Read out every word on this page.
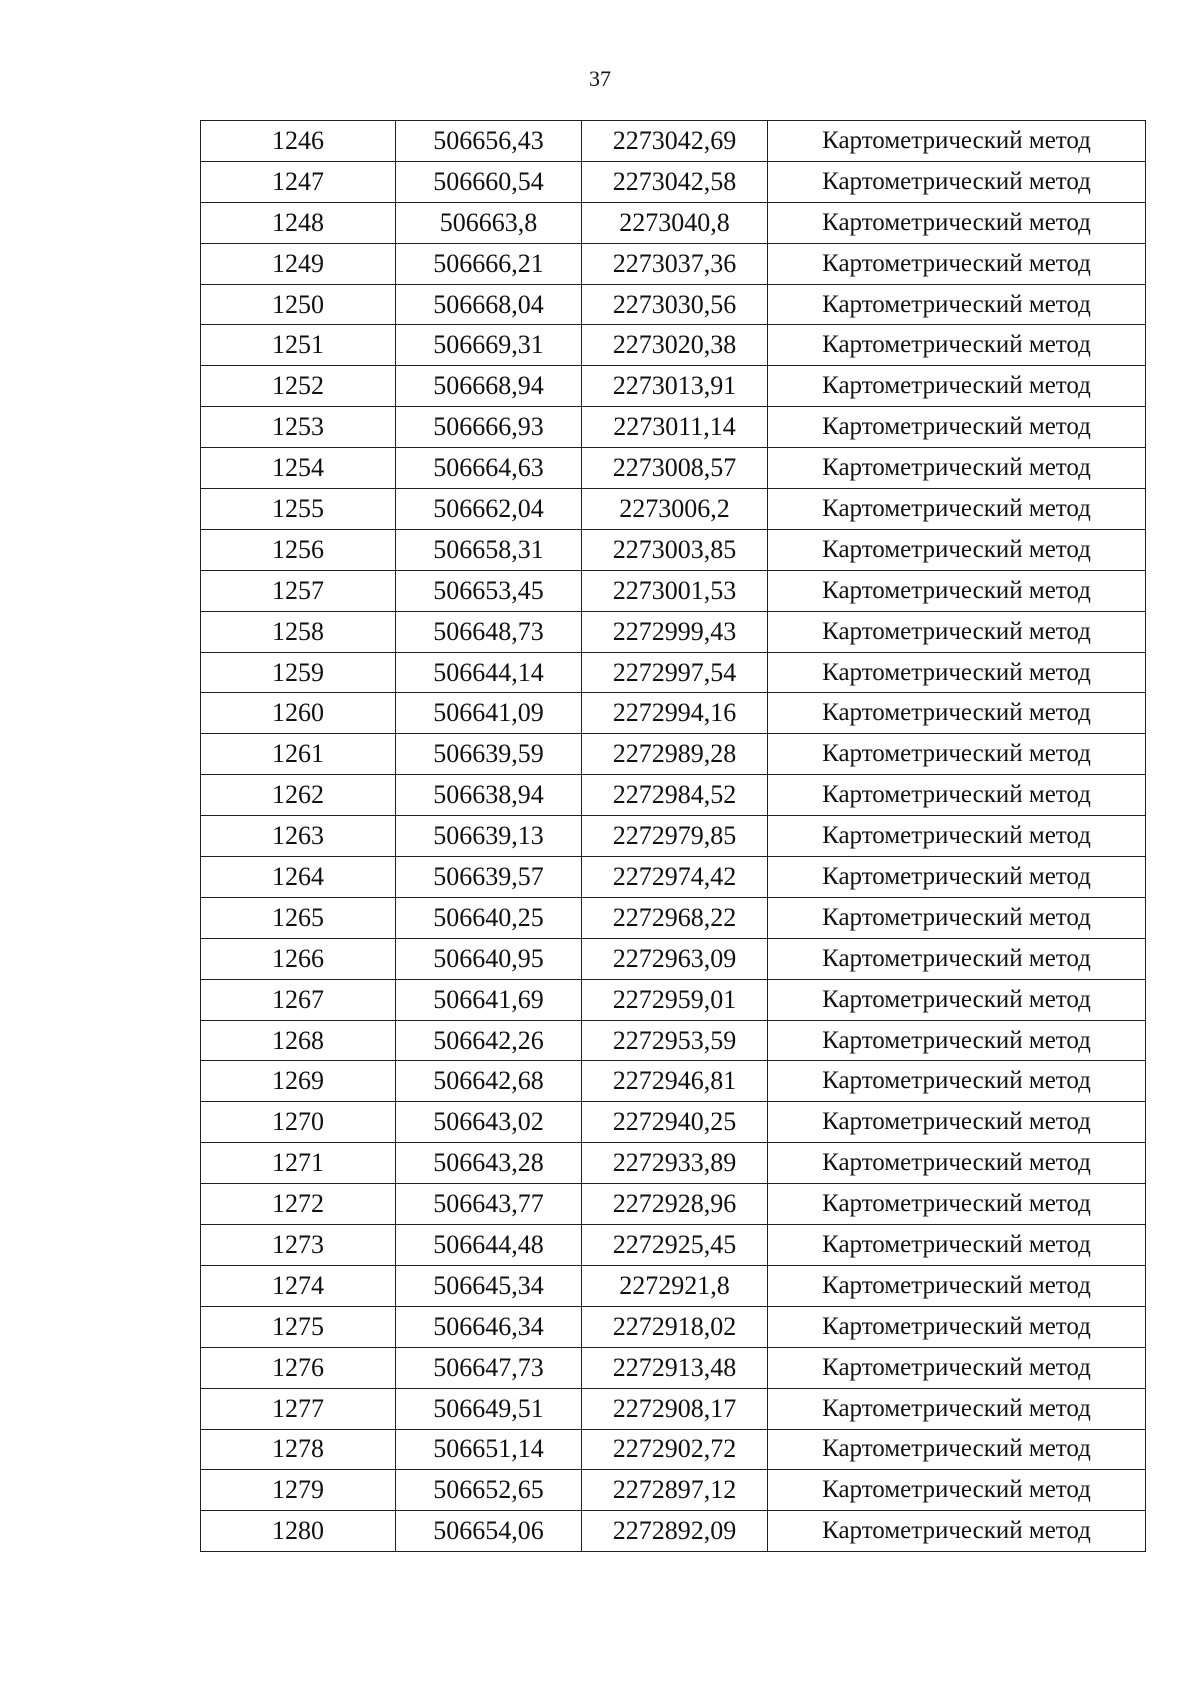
37
1246	506656,43	2273042,69	Картометрический метод
1247	506660,54	2273042,58	Картометрический метод
1248	506663,8	2273040,8	Картометрический метод
1249	506666,21	2273037,36	Картометрический метод
1250	506668,04	2273030,56	Картометрический метод
1251	506669,31	2273020,38	Картометрический метод
1252	506668,94	2273013,91	Картометрический метод
1253	506666,93	2273011,14	Картометрический метод
1254	506664,63	2273008,57	Картометрический метод
1255	506662,04	2273006,2	Картометрический метод
1256	506658,31	2273003,85	Картометрический метод
1257	506653,45	2273001,53	Картометрический метод
1258	506648,73	2272999,43	Картометрический метод
1259	506644,14	2272997,54	Картометрический метод
1260	506641,09	2272994,16	Картометрический метод
1261	506639,59	2272989,28	Картометрический метод
1262	506638,94	2272984,52	Картометрический метод
1263	506639,13	2272979,85	Картометрический метод
1264	506639,57	2272974,42	Картометрический метод
1265	506640,25	2272968,22	Картометрический метод
1266	506640,95	2272963,09	Картометрический метод
1267	506641,69	2272959,01	Картометрический метод
1268	506642,26	2272953,59	Картометрический метод
1269	506642,68	2272946,81	Картометрический метод
1270	506643,02	2272940,25	Картометрический метод
1271	506643,28	2272933,89	Картометрический метод
1272	506643,77	2272928,96	Картометрический метод
1273	506644,48	2272925,45	Картометрический метод
1274	506645,34	2272921,8	Картометрический метод
1275	506646,34	2272918,02	Картометрический метод
1276	506647,73	2272913,48	Картометрический метод
1277	506649,51	2272908,17	Картометрический метод
1278	506651,14	2272902,72	Картометрический метод
1279	506652,65	2272897,12	Картометрический метод
1280	506654,06	2272892,09	Картометрический метод
